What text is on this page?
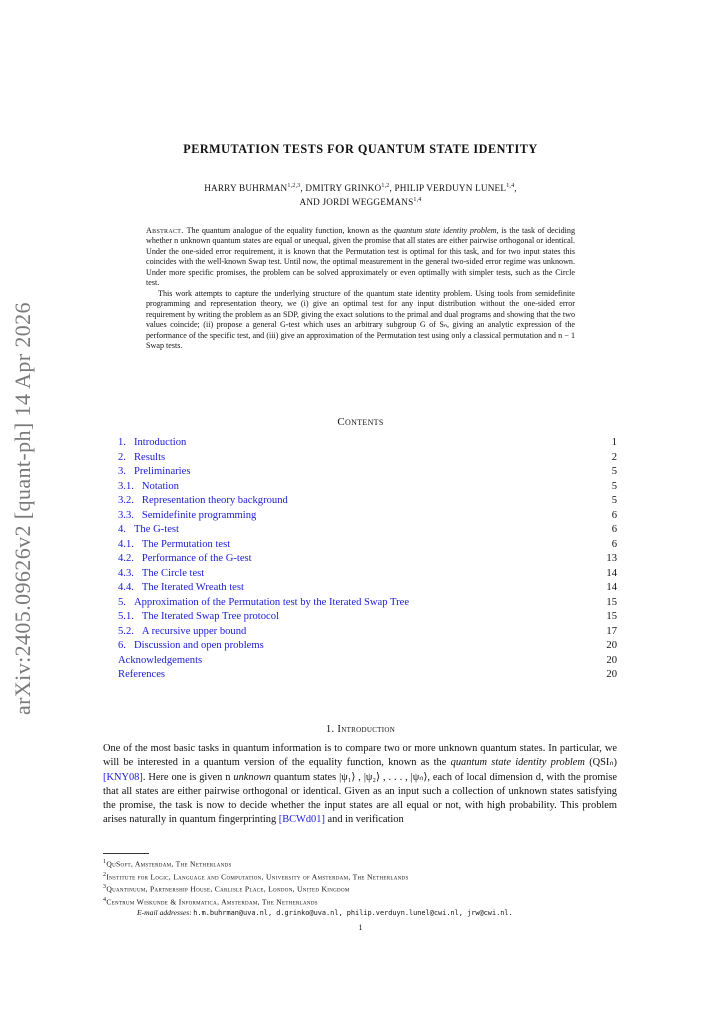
arXiv:2405.09626v2 [quant-ph] 14 Apr 2026
PERMUTATION TESTS FOR QUANTUM STATE IDENTITY
HARRY BUHRMAN$^{1,2,3}$, DMITRY GRINKO$^{1,2}$, PHILIP VERDUYN LUNEL$^{1,4}$,
AND JORDI WEGGEMANS$^{1,4}$

Abstract. The quantum analogue of the equality function, known as the quantum state identity problem, is the task of deciding whether n unknown quantum states are equal or unequal, given the promise that all states are either pairwise orthogonal or identical. Under the one-sided error requirement, it is known that the Permutation test is optimal for this task, and for two input states this coincides with the well-known Swap test. Until now, the optimal measurement in the general two-sided error regime was unknown. Under more specific promises, the problem can be solved approximately or even optimally with simpler tests, such as the Circle test.

This work attempts to capture the underlying structure of the quantum state identity problem. Using tools from semidefinite programming and representation theory, we (i) give an optimal test for any input distribution without the one-sided error requirement by writing the problem as an SDP, giving the exact solutions to the primal and dual programs and showing that the two values coincide; (ii) propose a general G-test which uses an arbitrary subgroup G of Sₙ, giving an analytic expression of the performance of the specific test, and (iii) give an approximation of the Permutation test using only a classical permutation and n − 1 Swap tests.

Contents
1. Introduction	1
2. Results	2
3. Preliminaries	5
3.1. Notation	5
3.2. Representation theory background	5
3.3. Semidefinite programming	6
4. The G-test	6
4.1. The Permutation test	6
4.2. Performance of the G-test	13
4.3. The Circle test	14
4.4. The Iterated Wreath test	14
5. Approximation of the Permutation test by the Iterated Swap Tree	15
5.1. The Iterated Swap Tree protocol	15
5.2. A recursive upper bound	17
6. Discussion and open problems	20
Acknowledgements	20
References	20
1. Introduction

One of the most basic tasks in quantum information is to compare two or more unknown quantum states. In particular, we will be interested in a quantum version of the equality function, known as the quantum state identity problem (QSIₙ) [KNY08]. Here one is given n unknown quantum states |ψ₁⟩ , |ψ₂⟩ , . . . , |ψₙ⟩, each of local dimension d, with the promise that all states are either pairwise orthogonal or identical. Given as an input such a collection of unknown states satisfying the promise, the task is now to decide whether the input states are all equal or not, with high probability. This problem arises naturally in quantum fingerprinting [BCWd01] and in verification

$^1$QuSoft, Amsterdam, The Netherlands
$^2$Institute for Logic, Language and Computation, University of Amsterdam, The Netherlands
$^3$Quantinuum, Partnership House, Carlisle Place, London, United Kingdom
$^4$Centrum Wiskunde & Informatica, Amsterdam, The Netherlands
E-mail addresses: h.m.buhrman@uva.nl, d.grinko@uva.nl, philip.verduyn.lunel@cwi.nl, jrw@cwi.nl.
1
